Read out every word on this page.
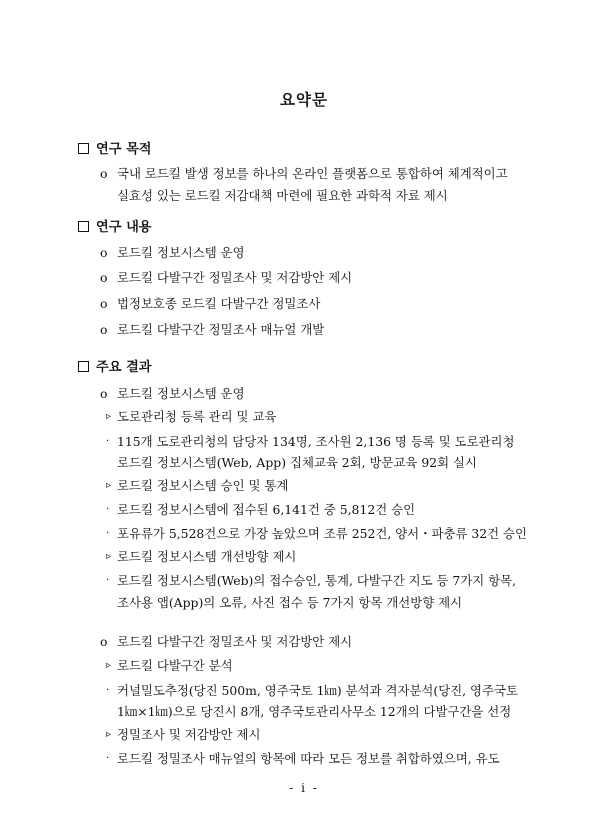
요약문
연구 목적
o 국내 로드킬 발생 정보를 하나의 온라인 플랫폼으로 통합하여 체계적이고
실효성 있는 로드킬 저감대책 마련에 필요한 과학적 자료 제시
연구 내용
o 로드킬 정보시스템 운영
o 로드킬 다발구간 정밀조사 및 저감방안 제시
o 법정보호종 로드킬 다발구간 정밀조사
o 로드킬 다발구간 정밀조사 매뉴얼 개발
주요 결과
o 로드킬 정보시스템 운영
▹ 도로관리청 등록 관리 및 교육
· 115개 도로관리청의 담당자 134명, 조사원 2,136 명 등록 및 도로관리청
로드킬 정보시스템(Web, App) 집체교육 2회, 방문교육 92회 실시
▹ 로드킬 정보시스템 승인 및 통계
· 로드킬 정보시스템에 접수된 6,141건 중 5,812건 승인
· 포유류가 5,528건으로 가장 높았으며 조류 252건, 양서・파충류 32건 승인
▹ 로드킬 정보시스템 개선방향 제시
· 로드킬 정보시스템(Web)의 접수승인, 통계, 다발구간 지도 등 7가지 항목,
조사용 앱(App)의 오류, 사진 접수 등 7가지 항목 개선방향 제시
o 로드킬 다발구간 정밀조사 및 저감방안 제시
▹ 로드킬 다발구간 분석
· 커널밀도추정(당진 500m, 영주국토 1㎞) 분석과 격자분석(당진, 영주국토
1㎞×1㎞)으로 당진시 8개, 영주국토관리사무소 12개의 다발구간을 선정
▹ 정밀조사 및 저감방안 제시
· 로드킬 정밀조사 매뉴얼의 항목에 따라 모든 정보를 취합하였으며, 유도
- i -
